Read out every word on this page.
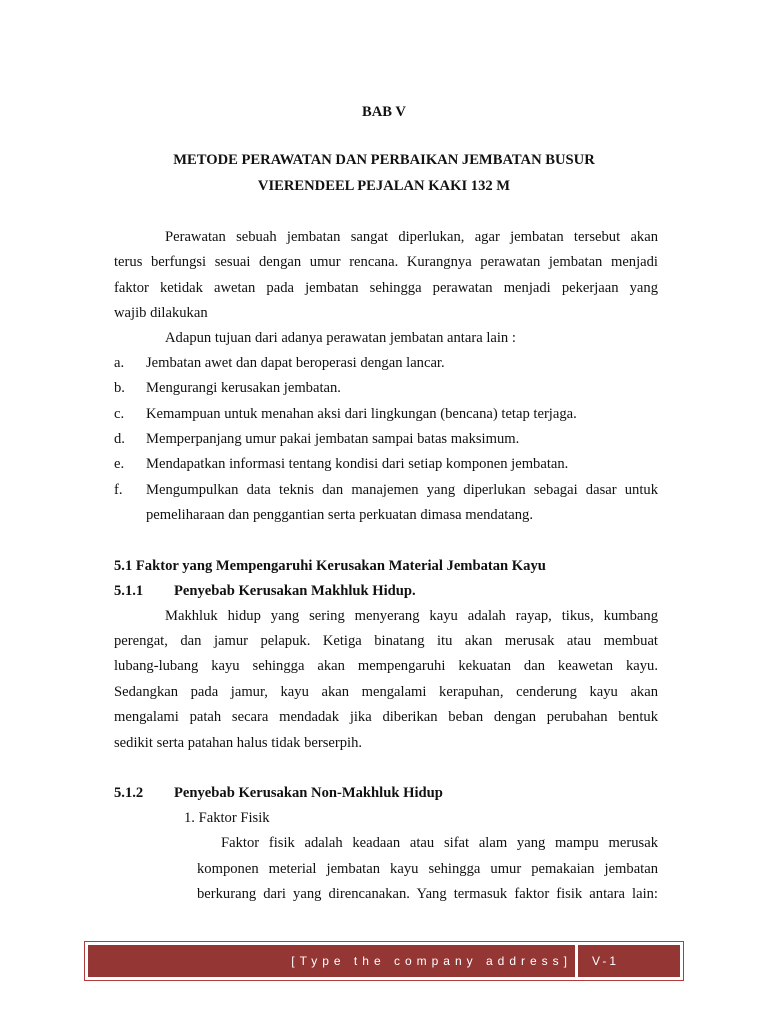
BAB V
METODE PERAWATAN DAN PERBAIKAN JEMBATAN BUSUR
VIERENDEEL PEJALAN KAKI 132 M
Perawatan sebuah jembatan sangat diperlukan, agar jembatan tersebut akan
terus berfungsi sesuai dengan umur rencana. Kurangnya perawatan jembatan menjadi
faktor ketidak awetan pada jembatan sehingga perawatan menjadi pekerjaan yang
wajib dilakukan
Adapun tujuan dari adanya perawatan jembatan antara lain :
a. Jembatan awet dan dapat beroperasi dengan lancar.
b. Mengurangi kerusakan jembatan.
c. Kemampuan untuk menahan aksi dari lingkungan (bencana) tetap terjaga.
d. Memperpanjang umur pakai jembatan sampai batas maksimum.
e. Mendapatkan informasi tentang kondisi dari setiap komponen jembatan.
f.	Mengumpulkan data teknis dan manajemen yang diperlukan sebagai dasar untuk
pemeliharaan dan penggantian serta perkuatan dimasa mendatang.
5.1 Faktor yang Mempengaruhi Kerusakan Material Jembatan Kayu
5.1.1 Penyebab Kerusakan Makhluk Hidup.
Makhluk hidup yang sering menyerang kayu adalah rayap, tikus, kumbang
perengat, dan jamur pelapuk. Ketiga binatang itu akan merusak atau membuat
lubang-lubang kayu sehingga akan mempengaruhi kekuatan dan keawetan kayu.
Sedangkan pada jamur, kayu akan mengalami kerapuhan, cenderung kayu akan
mengalami patah secara mendadak jika diberikan beban dengan perubahan bentuk
sedikit serta patahan halus tidak berserpih.
5.1.2 Penyebab Kerusakan Non-Makhluk Hidup
1. Faktor Fisik
Faktor fisik adalah keadaan atau sifat alam yang mampu merusak
komponen meterial jembatan kayu sehingga umur pemakaian jembatan
berkurang dari yang direncanakan. Yang termasuk faktor fisik antara lain:
[Type the company address]	V-1
